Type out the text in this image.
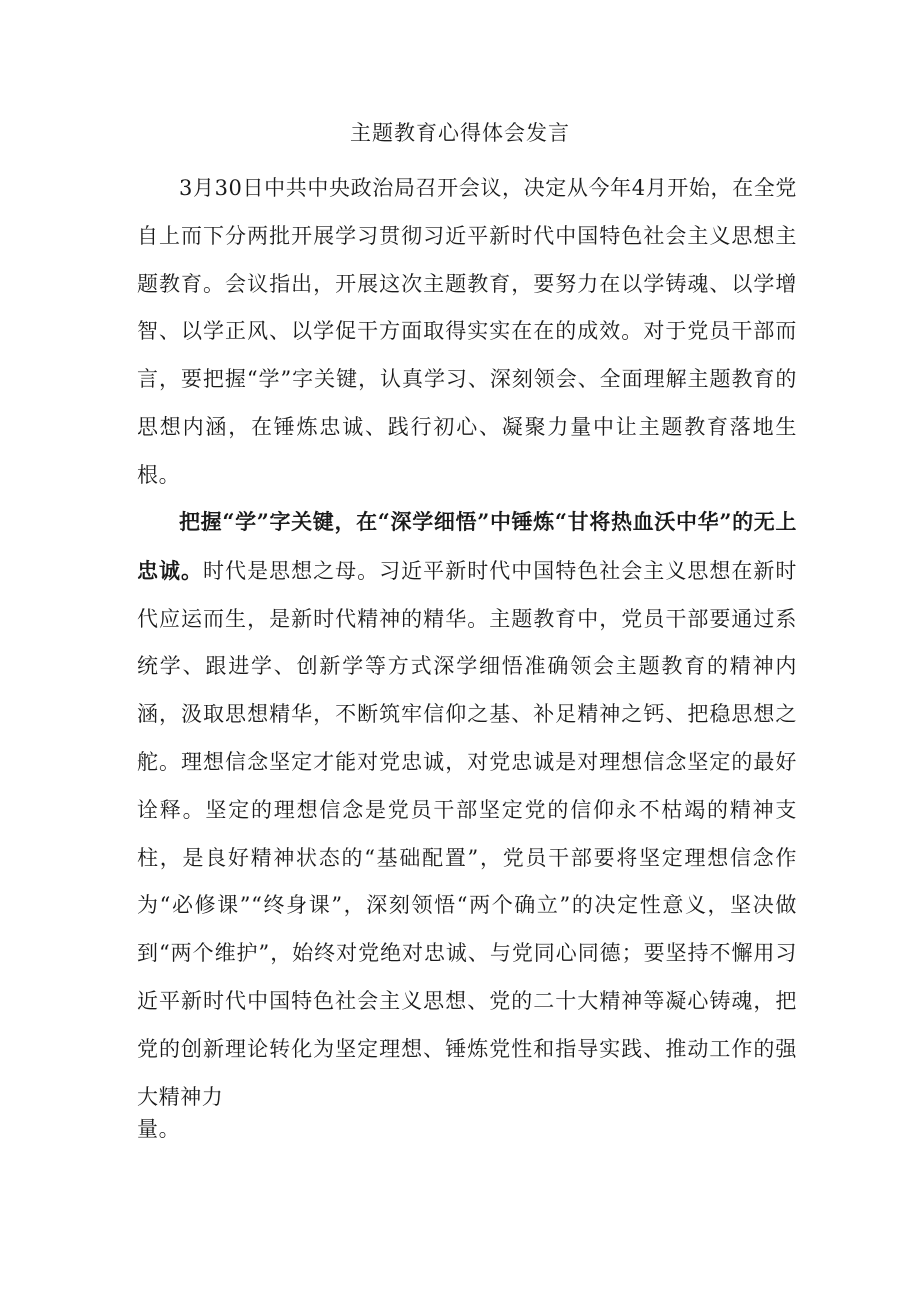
主题教育心得体会发言

3月30日中共中央政治局召开会议，决定从今年4月开始，在全党自上而下分两批开展学习贯彻习近平新时代中国特色社会主义思想主题教育。会议指出，开展这次主题教育，要努力在以学铸魂、以学增智、以学正风、以学促干方面取得实实在在的成效。对于党员干部而言，要把握“学”字关键，认真学习、深刻领会、全面理解主题教育的思想内涵，在锤炼忠诚、践行初心、凝聚力量中让主题教育落地生根。

把握“学”字关键，在“深学细悟”中锤炼“甘将热血沃中华”的无上忠诚。时代是思想之母。习近平新时代中国特色社会主义思想在新时代应运而生，是新时代精神的精华。主题教育中，党员干部要通过系统学、跟进学、创新学等方式深学细悟准确领会主题教育的精神内涵，汲取思想精华，不断筑牢信仰之基、补足精神之钙、把稳思想之舵。理想信念坚定才能对党忠诚，对党忠诚是对理想信念坚定的最好诠释。坚定的理想信念是党员干部坚定党的信仰永不枯竭的精神支柱，是良好精神状态的“基础配置”，党员干部要将坚定理想信念作为“必修课”“终身课”，深刻领悟“两个确立”的决定性意义，坚决做到“两个维护”，始终对党绝对忠诚、与党同心同德；要坚持不懈用习近平新时代中国特色社会主义思想、党的二十大精神等凝心铸魂，把党的创新理论转化为坚定理想、锤炼党性和指导实践、推动工作的强大精神力

量。
